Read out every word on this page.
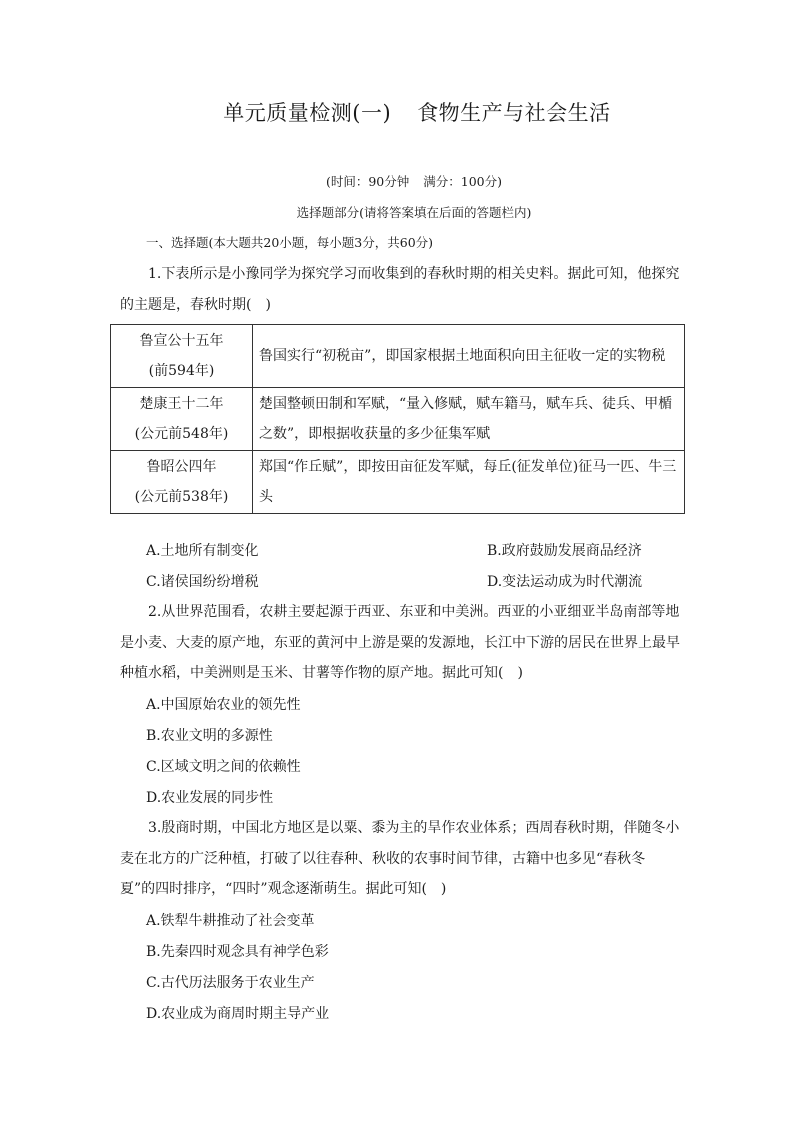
单元质量检测(一) 食物生产与社会生活
(时间：90分钟 满分：100分)
选择题部分(请将答案填在后面的答题栏内)
一、选择题(本大题共20小题，每小题3分，共60分)
1.下表所示是小豫同学为探究学习而收集到的春秋时期的相关史料。据此可知，他探究的主题是，春秋时期(　)
鲁宣公十五年
(前594年)	鲁国实行“初税亩”，即国家根据土地面积向田主征收一定的实物税

楚康王十二年
(公元前548年)	楚国整顿田制和军赋，“量入修赋，赋车籍马，赋车兵、徒兵、甲楯之数”，即根据收获量的多少征集军赋

鲁昭公四年
(公元前538年)	郑国“作丘赋”，即按田亩征发军赋，每丘(征发单位)征马一匹、牛三头
A.土地所有制变化	B.政府鼓励发展商品经济
C.诸侯国纷纷增税	D.变法运动成为时代潮流
2.从世界范围看，农耕主要起源于西亚、东亚和中美洲。西亚的小亚细亚半岛南部等地是小麦、大麦的原产地，东亚的黄河中上游是粟的发源地，长江中下游的居民在世界上最早种植水稻，中美洲则是玉米、甘薯等作物的原产地。据此可知(　)
A.中国原始农业的领先性
B.农业文明的多源性
C.区域文明之间的依赖性
D.农业发展的同步性
3.殷商时期，中国北方地区是以粟、黍为主的旱作农业体系；西周春秋时期，伴随冬小麦在北方的广泛种植，打破了以往春种、秋收的农事时间节律，古籍中也多见“春秋冬夏”的四时排序，“四时”观念逐渐萌生。据此可知(　)
A.铁犁牛耕推动了社会变革
B.先秦四时观念具有神学色彩
C.古代历法服务于农业生产
D.农业成为商周时期主导产业
